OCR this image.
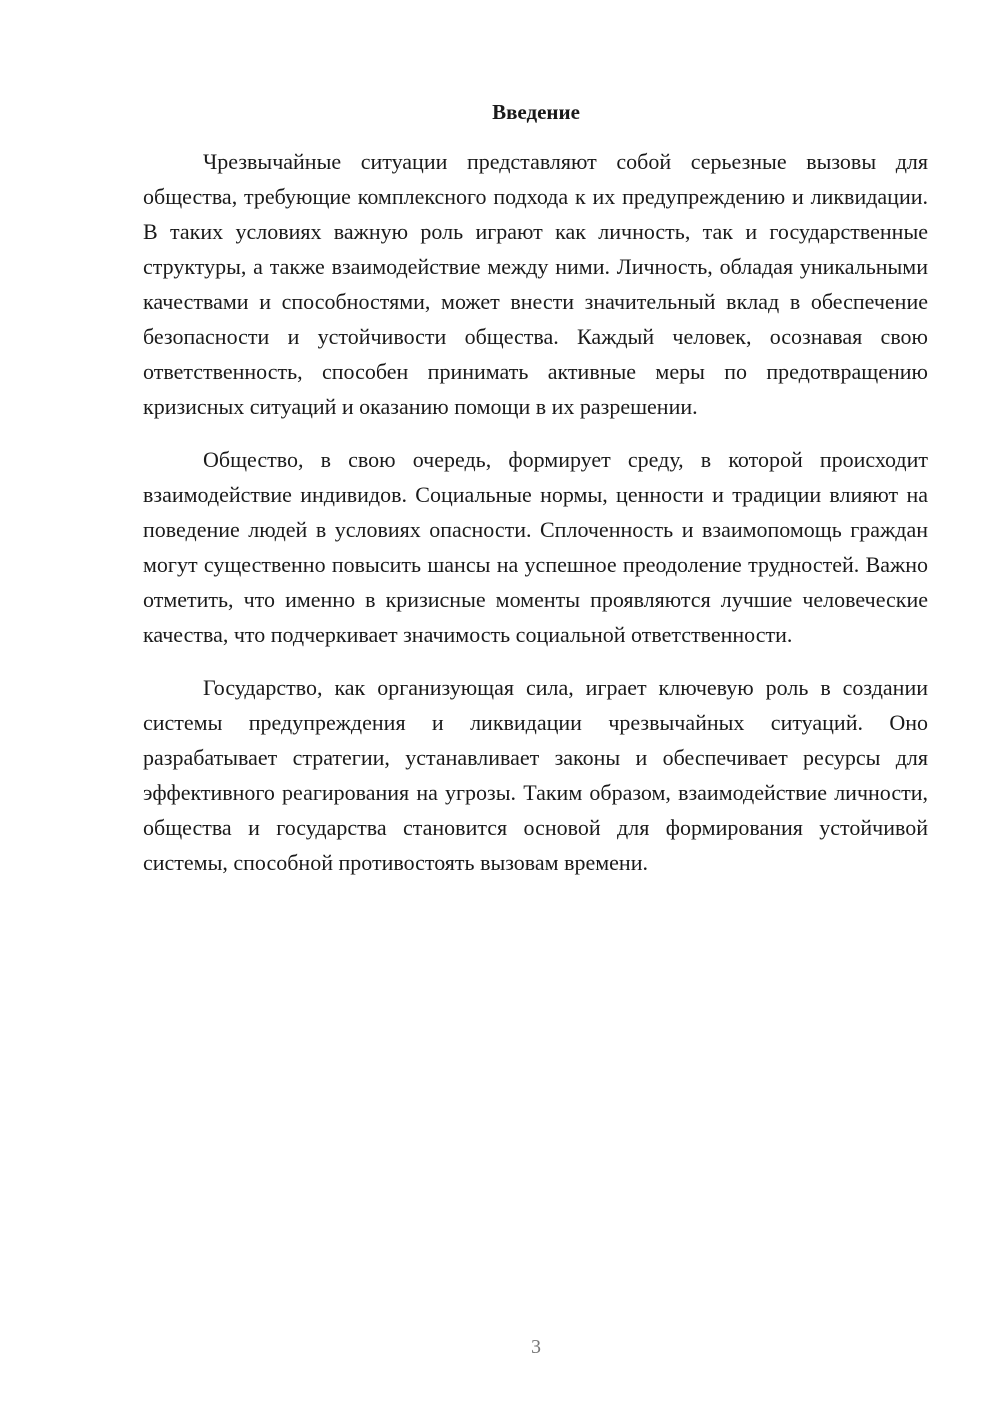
Введение

Чрезвычайные ситуации представляют собой серьезные вызовы для общества, требующие комплексного подхода к их предупреждению и ликвидации. В таких условиях важную роль играют как личность, так и государственные структуры, а также взаимодействие между ними. Личность, обладая уникальными качествами и способностями, может внести значительный вклад в обеспечение безопасности и устойчивости общества. Каждый человек, осознавая свою ответственность, способен принимать активные меры по предотвращению кризисных ситуаций и оказанию помощи в их разрешении.

Общество, в свою очередь, формирует среду, в которой происходит взаимодействие индивидов. Социальные нормы, ценности и традиции влияют на поведение людей в условиях опасности. Сплоченность и взаимопомощь граждан могут существенно повысить шансы на успешное преодоление трудностей. Важно отметить, что именно в кризисные моменты проявляются лучшие человеческие качества, что подчеркивает значимость социальной ответственности.

Государство, как организующая сила, играет ключевую роль в создании системы предупреждения и ликвидации чрезвычайных ситуаций. Оно разрабатывает стратегии, устанавливает законы и обеспечивает ресурсы для эффективного реагирования на угрозы. Таким образом, взаимодействие личности, общества и государства становится основой для формирования устойчивой системы, способной противостоять вызовам времени.

3
